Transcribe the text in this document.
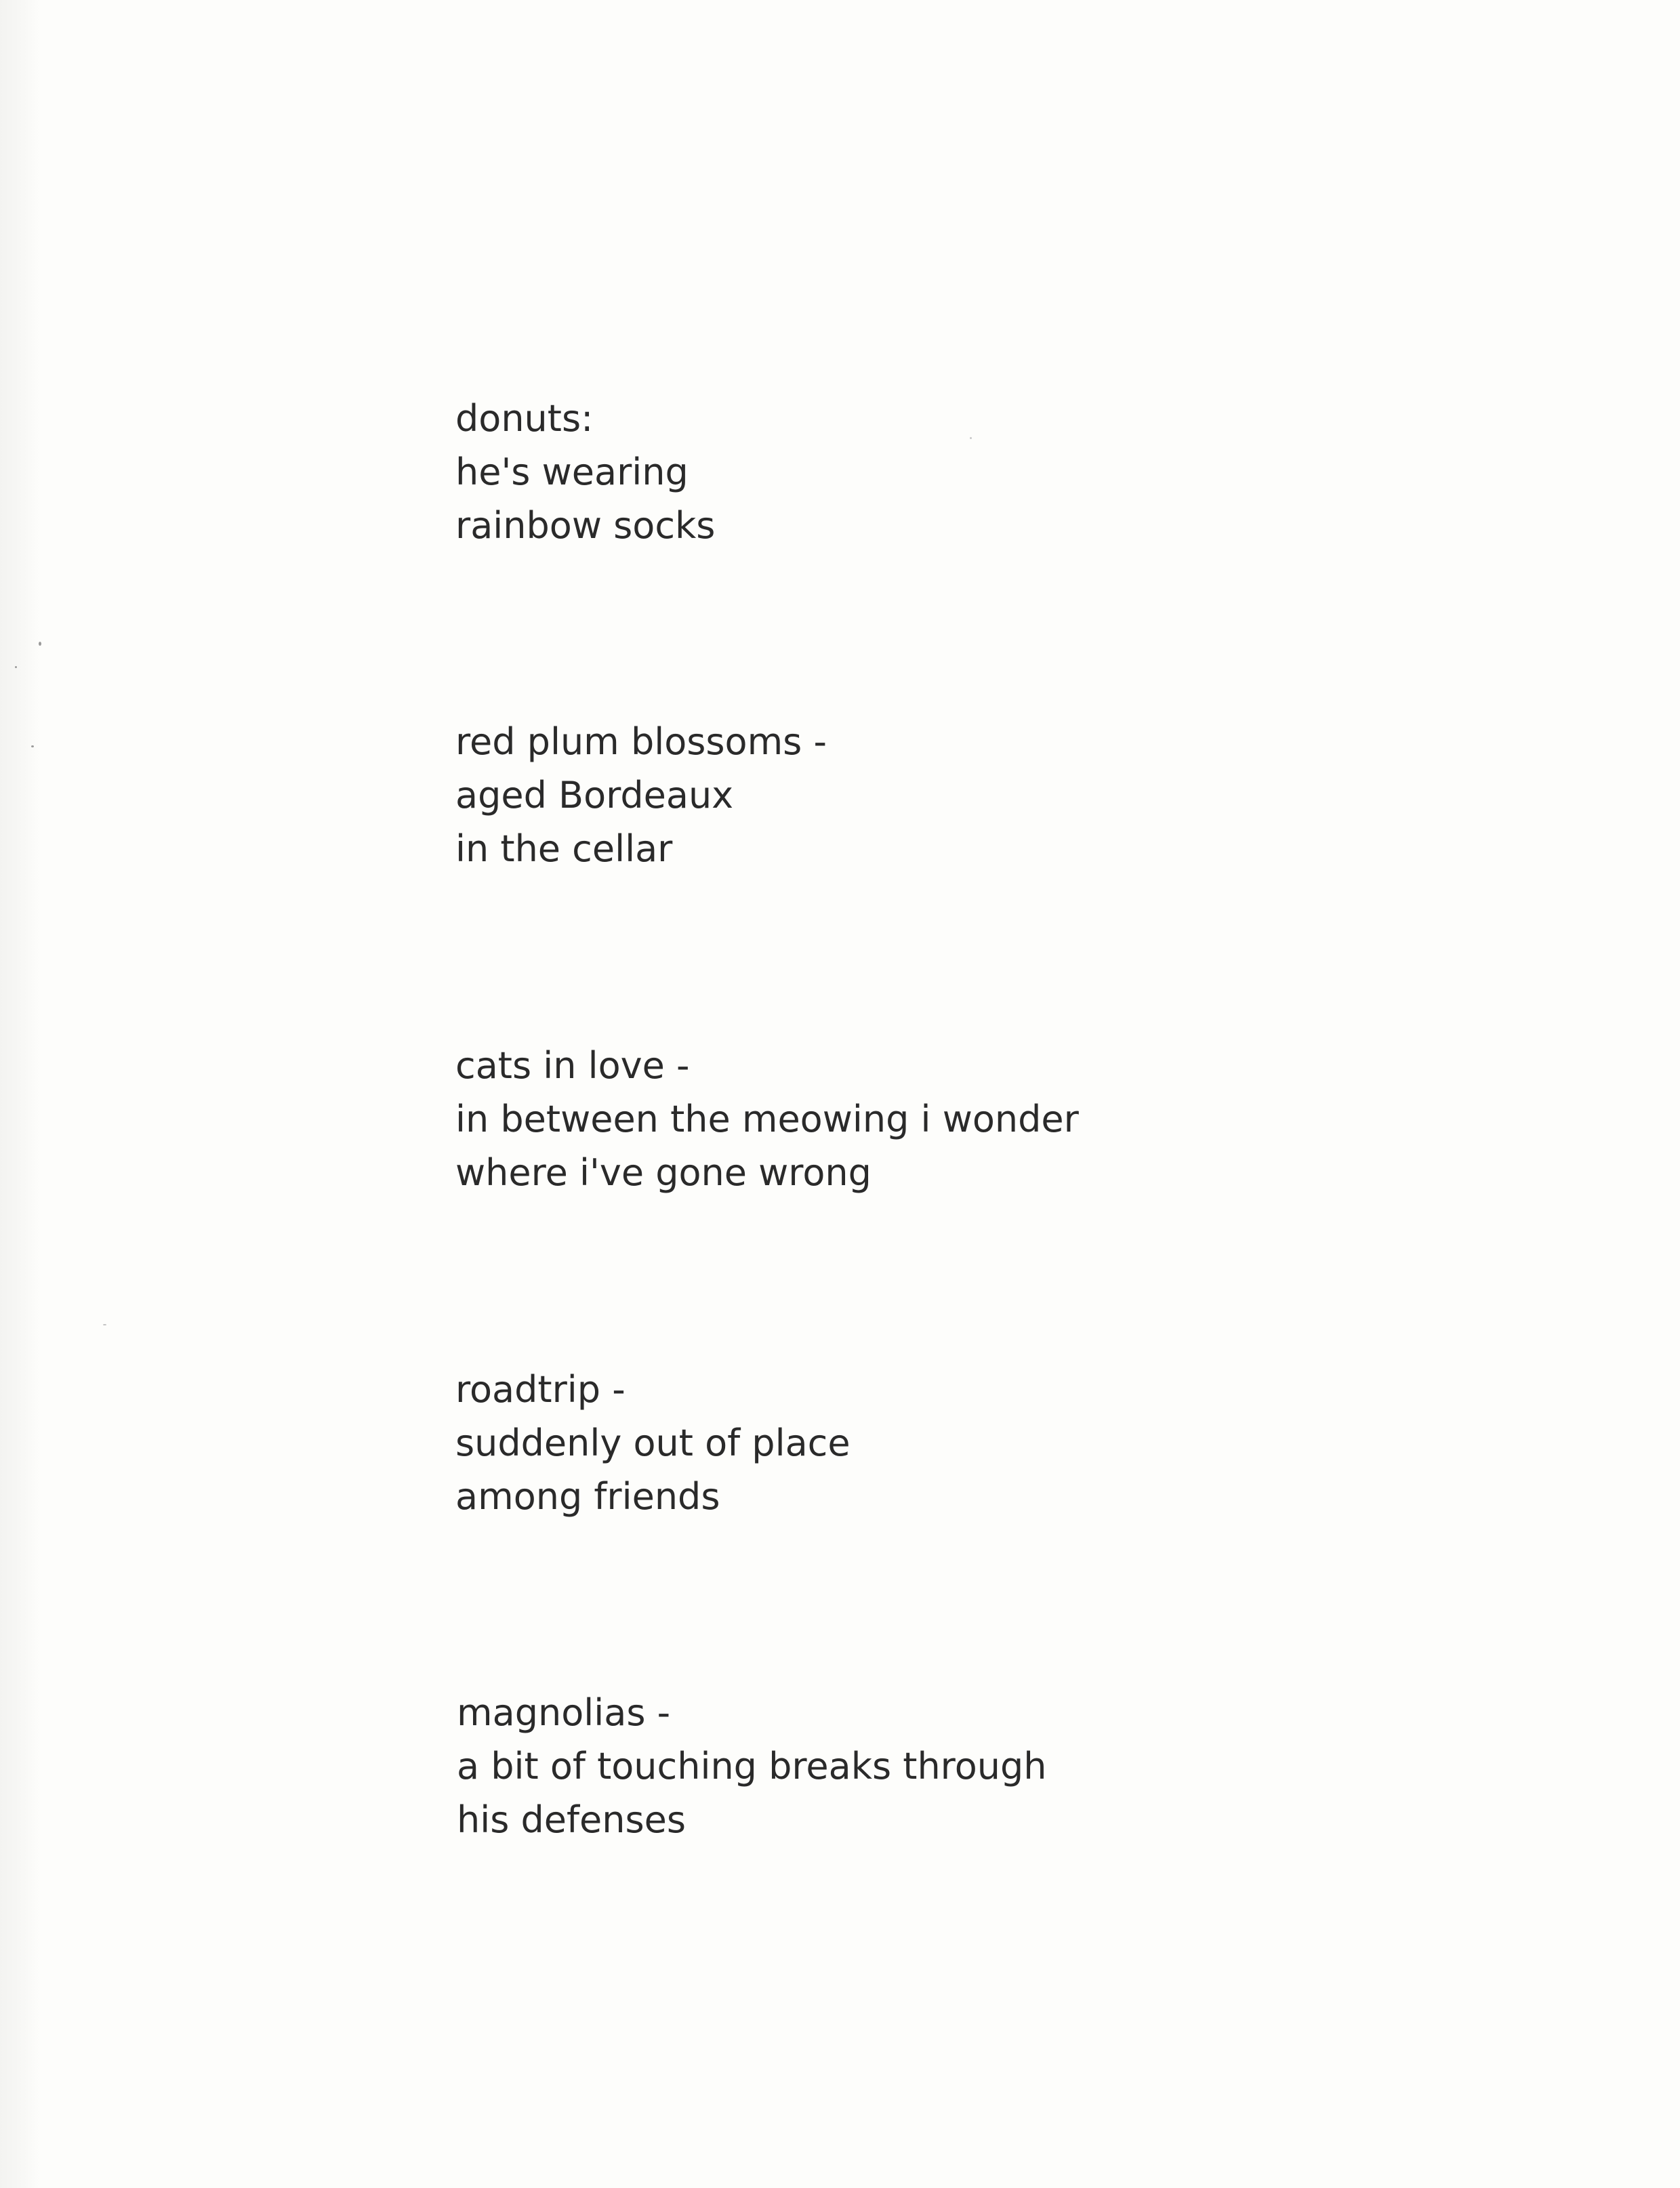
donuts:
he's wearing
rainbow socks
red plum blossoms -
aged Bordeaux
in the cellar
cats in love -
in between the meowing i wonder
where i've gone wrong
roadtrip -
suddenly out of place
among friends
magnolias -
a bit of touching breaks through
his defenses
